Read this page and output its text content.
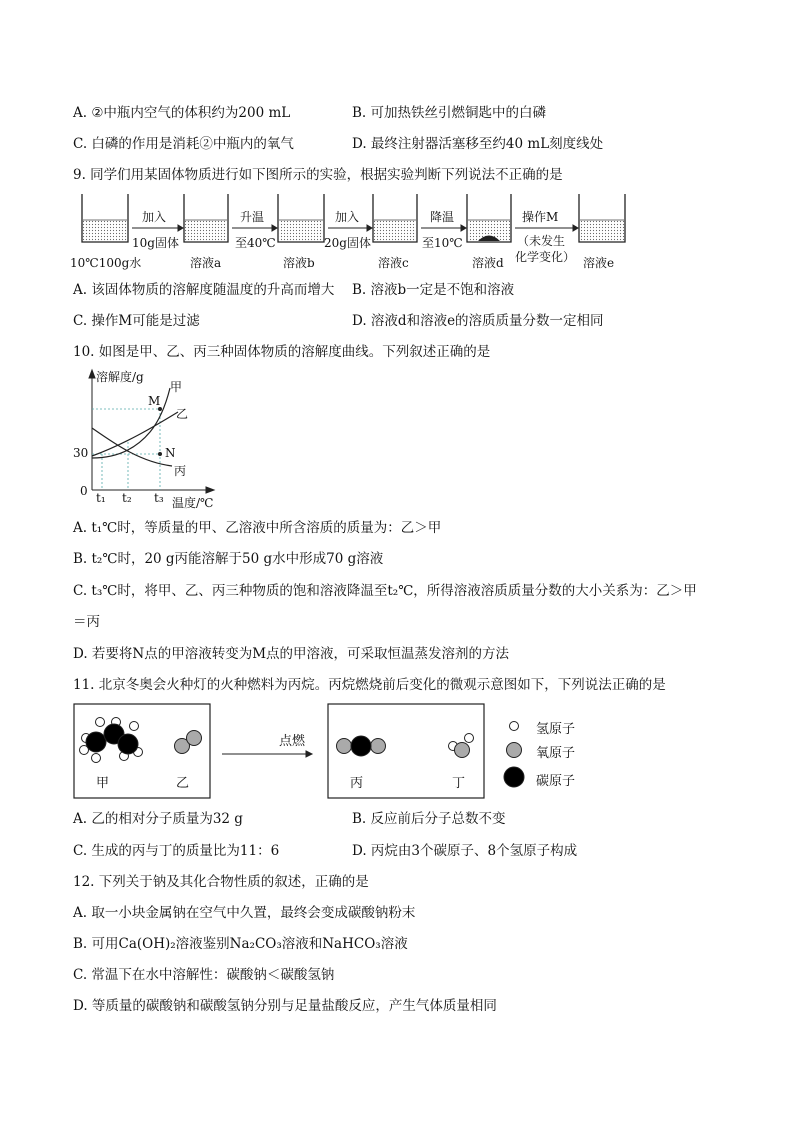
A. ②中瓶内空气的体积约为200 mL	B. 可加热铁丝引燃铜匙中的白磷
C. 白磷的作用是消耗②中瓶内的氧气	D. 最终注射器活塞移至约40 mL刻度线处
9. 同学们用某固体物质进行如下图所示的实验，根据实验判断下列说法不正确的是
加入
10g固体
升温
至40℃
加入
20g固体
降温
至10℃
操作M
（未发生
化学变化）
10℃100g水	溶液a	溶液b	溶液c	溶液d	溶液e
A. 该固体物质的溶解度随温度的升高而增大 B. 溶液b一定是不饱和溶液
C. 操作M可能是过滤	D. 溶液d和溶液e的溶质质量分数一定相同
10. 如图是甲、乙、丙三种固体物质的溶解度曲线。下列叙述正确的是
溶解度/g
甲
乙
丙
M
N
30
0 t₁ t₂ t₃ 温度/℃
A. t₁℃时，等质量的甲、乙溶液中所含溶质的质量为：乙＞甲
B. t₂℃时，20 g丙能溶解于50 g水中形成70 g溶液
C. t₃℃时，将甲、乙、丙三种物质的饱和溶液降温至t₂℃，所得溶液溶质质量分数的大小关系为：乙＞甲
＝丙
D. 若要将N点的甲溶液转变为M点的甲溶液，可采取恒温蒸发溶剂的方法
11. 北京冬奥会火种灯的火种燃料为丙烷。丙烷燃烧前后变化的微观示意图如下，下列说法正确的是
点燃
甲	乙	丙	丁
氢原子
氧原子
碳原子
A. 乙的相对分子质量为32 g	B. 反应前后分子总数不变
C. 生成的丙与丁的质量比为11：6	D. 丙烷由3个碳原子、8个氢原子构成
12. 下列关于钠及其化合物性质的叙述，正确的是
A. 取一小块金属钠在空气中久置，最终会变成碳酸钠粉末
B. 可用Ca(OH)₂溶液鉴别Na₂CO₃溶液和NaHCO₃溶液
C. 常温下在水中溶解性：碳酸钠＜碳酸氢钠
D. 等质量的碳酸钠和碳酸氢钠分别与足量盐酸反应，产生气体质量相同
